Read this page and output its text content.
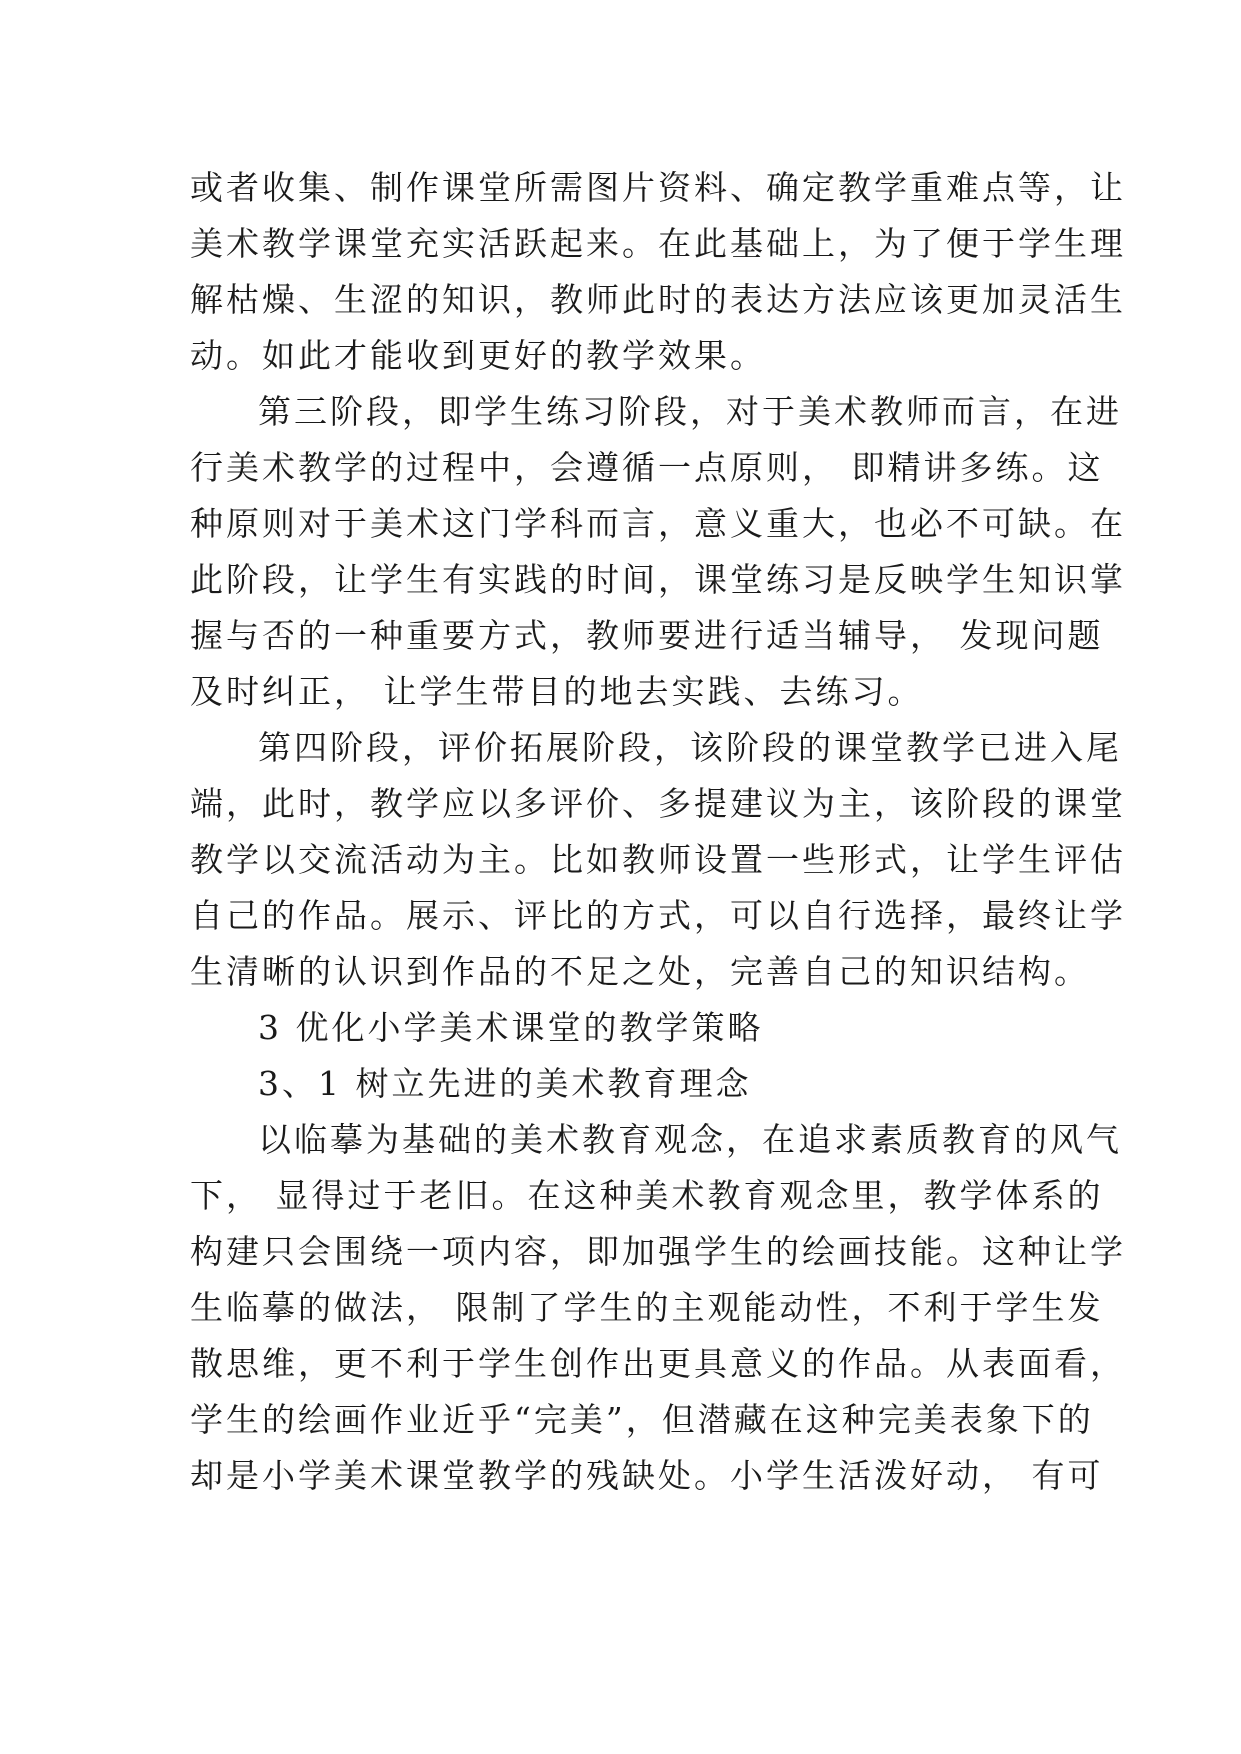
或者收集、制作课堂所需图片资料、确定教学重难点等，让
美术教学课堂充实活跃起来。在此基础上，为了便于学生理
解枯燥、生涩的知识，教师此时的表达方法应该更加灵活生
动。如此才能收到更好的教学效果。
第三阶段，即学生练习阶段，对于美术教师而言，在进
行美术教学的过程中，会遵循一点原则， 即精讲多练。这
种原则对于美术这门学科而言，意义重大，也必不可缺。在
此阶段，让学生有实践的时间，课堂练习是反映学生知识掌
握与否的一种重要方式，教师要进行适当辅导， 发现问题
及时纠正， 让学生带目的地去实践、去练习。
第四阶段，评价拓展阶段，该阶段的课堂教学已进入尾
端，此时，教学应以多评价、多提建议为主，该阶段的课堂
教学以交流活动为主。比如教师设置一些形式，让学生评估
自己的作品。展示、评比的方式，可以自行选择，最终让学
生清晰的认识到作品的不足之处，完善自己的知识结构。
3 优化小学美术课堂的教学策略
3、1 树立先进的美术教育理念
以临摹为基础的美术教育观念，在追求素质教育的风气
下， 显得过于老旧。在这种美术教育观念里，教学体系的
构建只会围绕一项内容，即加强学生的绘画技能。这种让学
生临摹的做法， 限制了学生的主观能动性，不利于学生发
散思维，更不利于学生创作出更具意义的作品。从表面看，
学生的绘画作业近乎“完美”，但潜藏在这种完美表象下的
却是小学美术课堂教学的残缺处。小学生活泼好动， 有可
